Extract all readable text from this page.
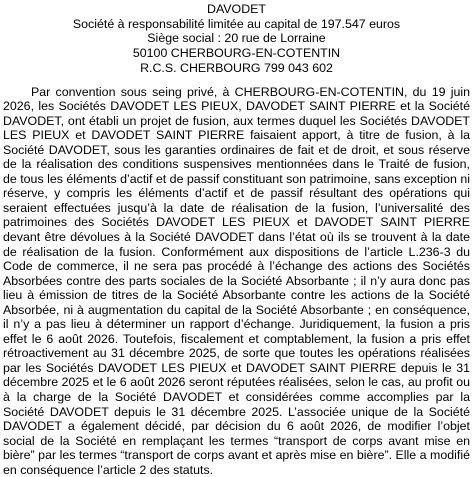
DAVODET
Société à responsabilité limitée au capital de 197.547 euros
Siège social : 20 rue de Lorraine
50100 CHERBOURG-EN-COTENTIN
R.C.S. CHERBOURG 799 043 602

Par convention sous seing privé, à CHERBOURG-EN-COTENTIN, du 19 juin 2026, les Sociétés DAVODET LES PIEUX, DAVODET SAINT PIERRE et la Société DAVODET, ont établi un projet de fusion, aux termes duquel les Sociétés DAVODET LES PIEUX et DAVODET SAINT PIERRE faisaient apport, à titre de fusion, à la Société DAVODET, sous les garanties ordinaires de fait et de droit, et sous réserve de la réalisation des conditions suspensives mentionnées dans le Traité de fusion, de tous les éléments d’actif et de passif constituant son patrimoine, sans exception ni réserve, y compris les éléments d’actif et de passif résultant des opérations qui seraient effectuées jusqu’à la date de réalisation de la fusion, l’universalité des patrimoines des Sociétés DAVODET LES PIEUX et DAVODET SAINT PIERRE devant être dévolues à la Société DAVODET dans l’état où ils se trouvent à la date de réalisation de la fusion. Conformément aux dispositions de l’article L.236-3 du Code de commerce, il ne sera pas procédé à l’échange des actions des Sociétés Absorbées contre des parts sociales de la Société Absorbante ; il n’y aura donc pas lieu à émission de titres de la Société Absorbante contre les actions de la Société Absorbée, ni à augmentation du capital de la Société Absorbante ; en conséquence, il n’y a pas lieu à déterminer un rapport d’échange. Juridiquement, la fusion a pris effet le 6 août 2026. Toutefois, fiscalement et comptablement, la fusion a pris effet rétroactivement au 31 décembre 2025, de sorte que toutes les opérations réalisées par les Sociétés DAVODET LES PIEUX et DAVODET SAINT PIERRE depuis le 31 décembre 2025 et le 6 août 2026 seront réputées réalisées, selon le cas, au profit ou à la charge de la Société DAVODET et considérées comme accomplies par la Société DAVODET depuis le 31 décembre 2025. L’associée unique de la Société DAVODET a également décidé, par décision du 6 août 2026, de modifier l’objet social de la Société en remplaçant les termes “transport de corps avant mise en bière” par les termes “transport de corps avant et après mise en bière”. Elle a modifié en conséquence l’article 2 des statuts.
